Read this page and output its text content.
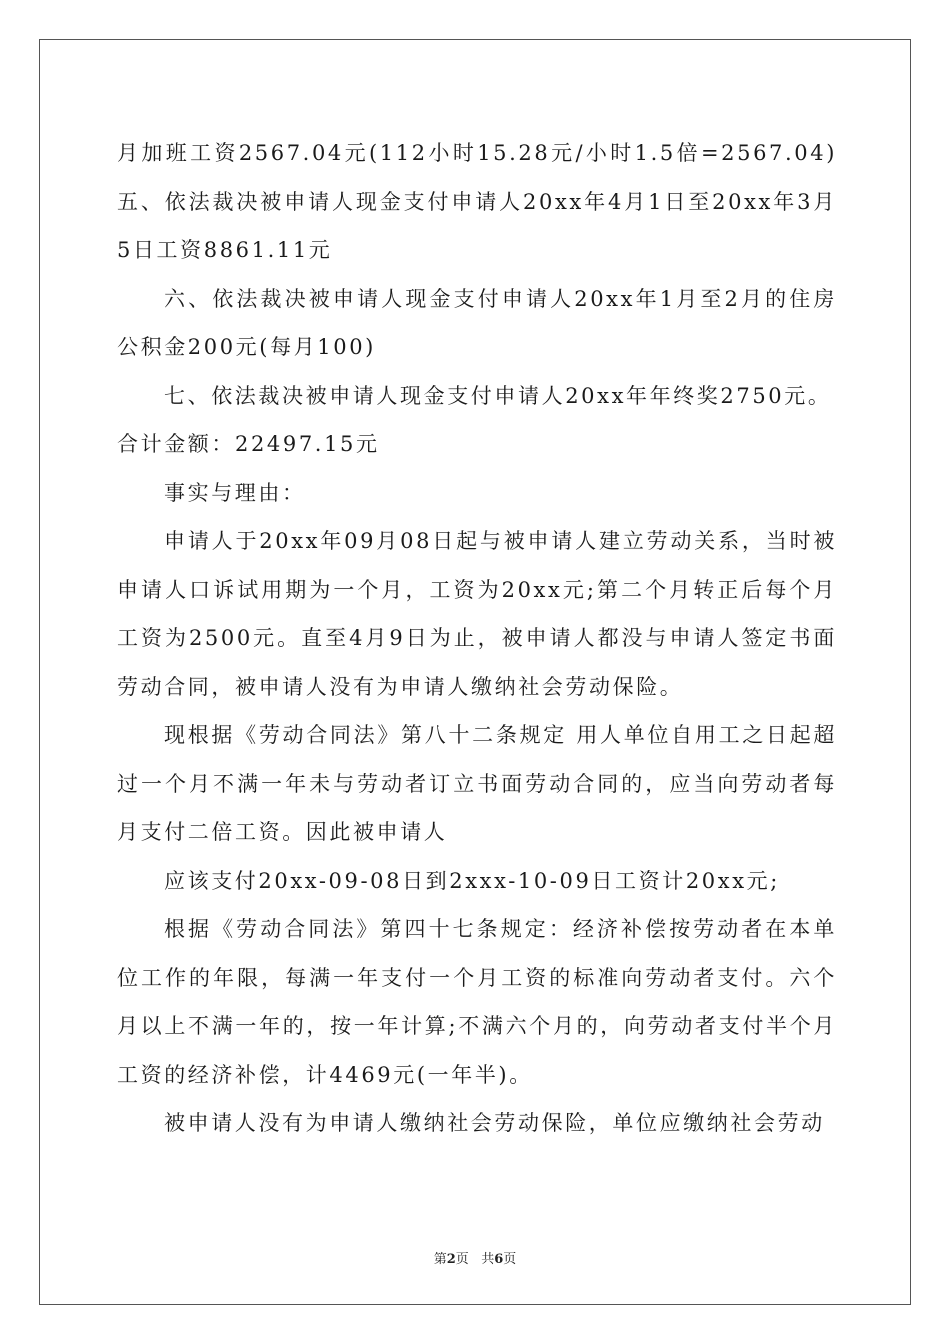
月加班工资2567.04元(112小时15.28元/小时1.5倍=2567.04) 五、依法裁决被申请人现金支付申请人20xx年4月1日至20xx年3月5日工资8861.11元

六、依法裁决被申请人现金支付申请人20xx年1月至2月的住房公积金200元(每月100)

七、依法裁决被申请人现金支付申请人20xx年年终奖2750元。

合计金额：22497.15元

事实与理由：

申请人于20xx年09月08日起与被申请人建立劳动关系，当时被申请人口诉试用期为一个月，工资为20xx元;第二个月转正后每个月工资为2500元。直至4月9日为止，被申请人都没与申请人签定书面劳动合同，被申请人没有为申请人缴纳社会劳动保险。

现根据《劳动合同法》第八十二条规定 用人单位自用工之日起超过一个月不满一年未与劳动者订立书面劳动合同的，应当向劳动者每月支付二倍工资。因此被申请人

应该支付20xx-09-08日到2xxx-10-09日工资计20xx元;

根据《劳动合同法》第四十七条规定：经济补偿按劳动者在本单位工作的年限，每满一年支付一个月工资的标准向劳动者支付。六个月以上不满一年的，按一年计算;不满六个月的，向劳动者支付半个月工资的经济补偿，计4469元(一年半)。

被申请人没有为申请人缴纳社会劳动保险，单位应缴纳社会劳动

第2页 共6页
